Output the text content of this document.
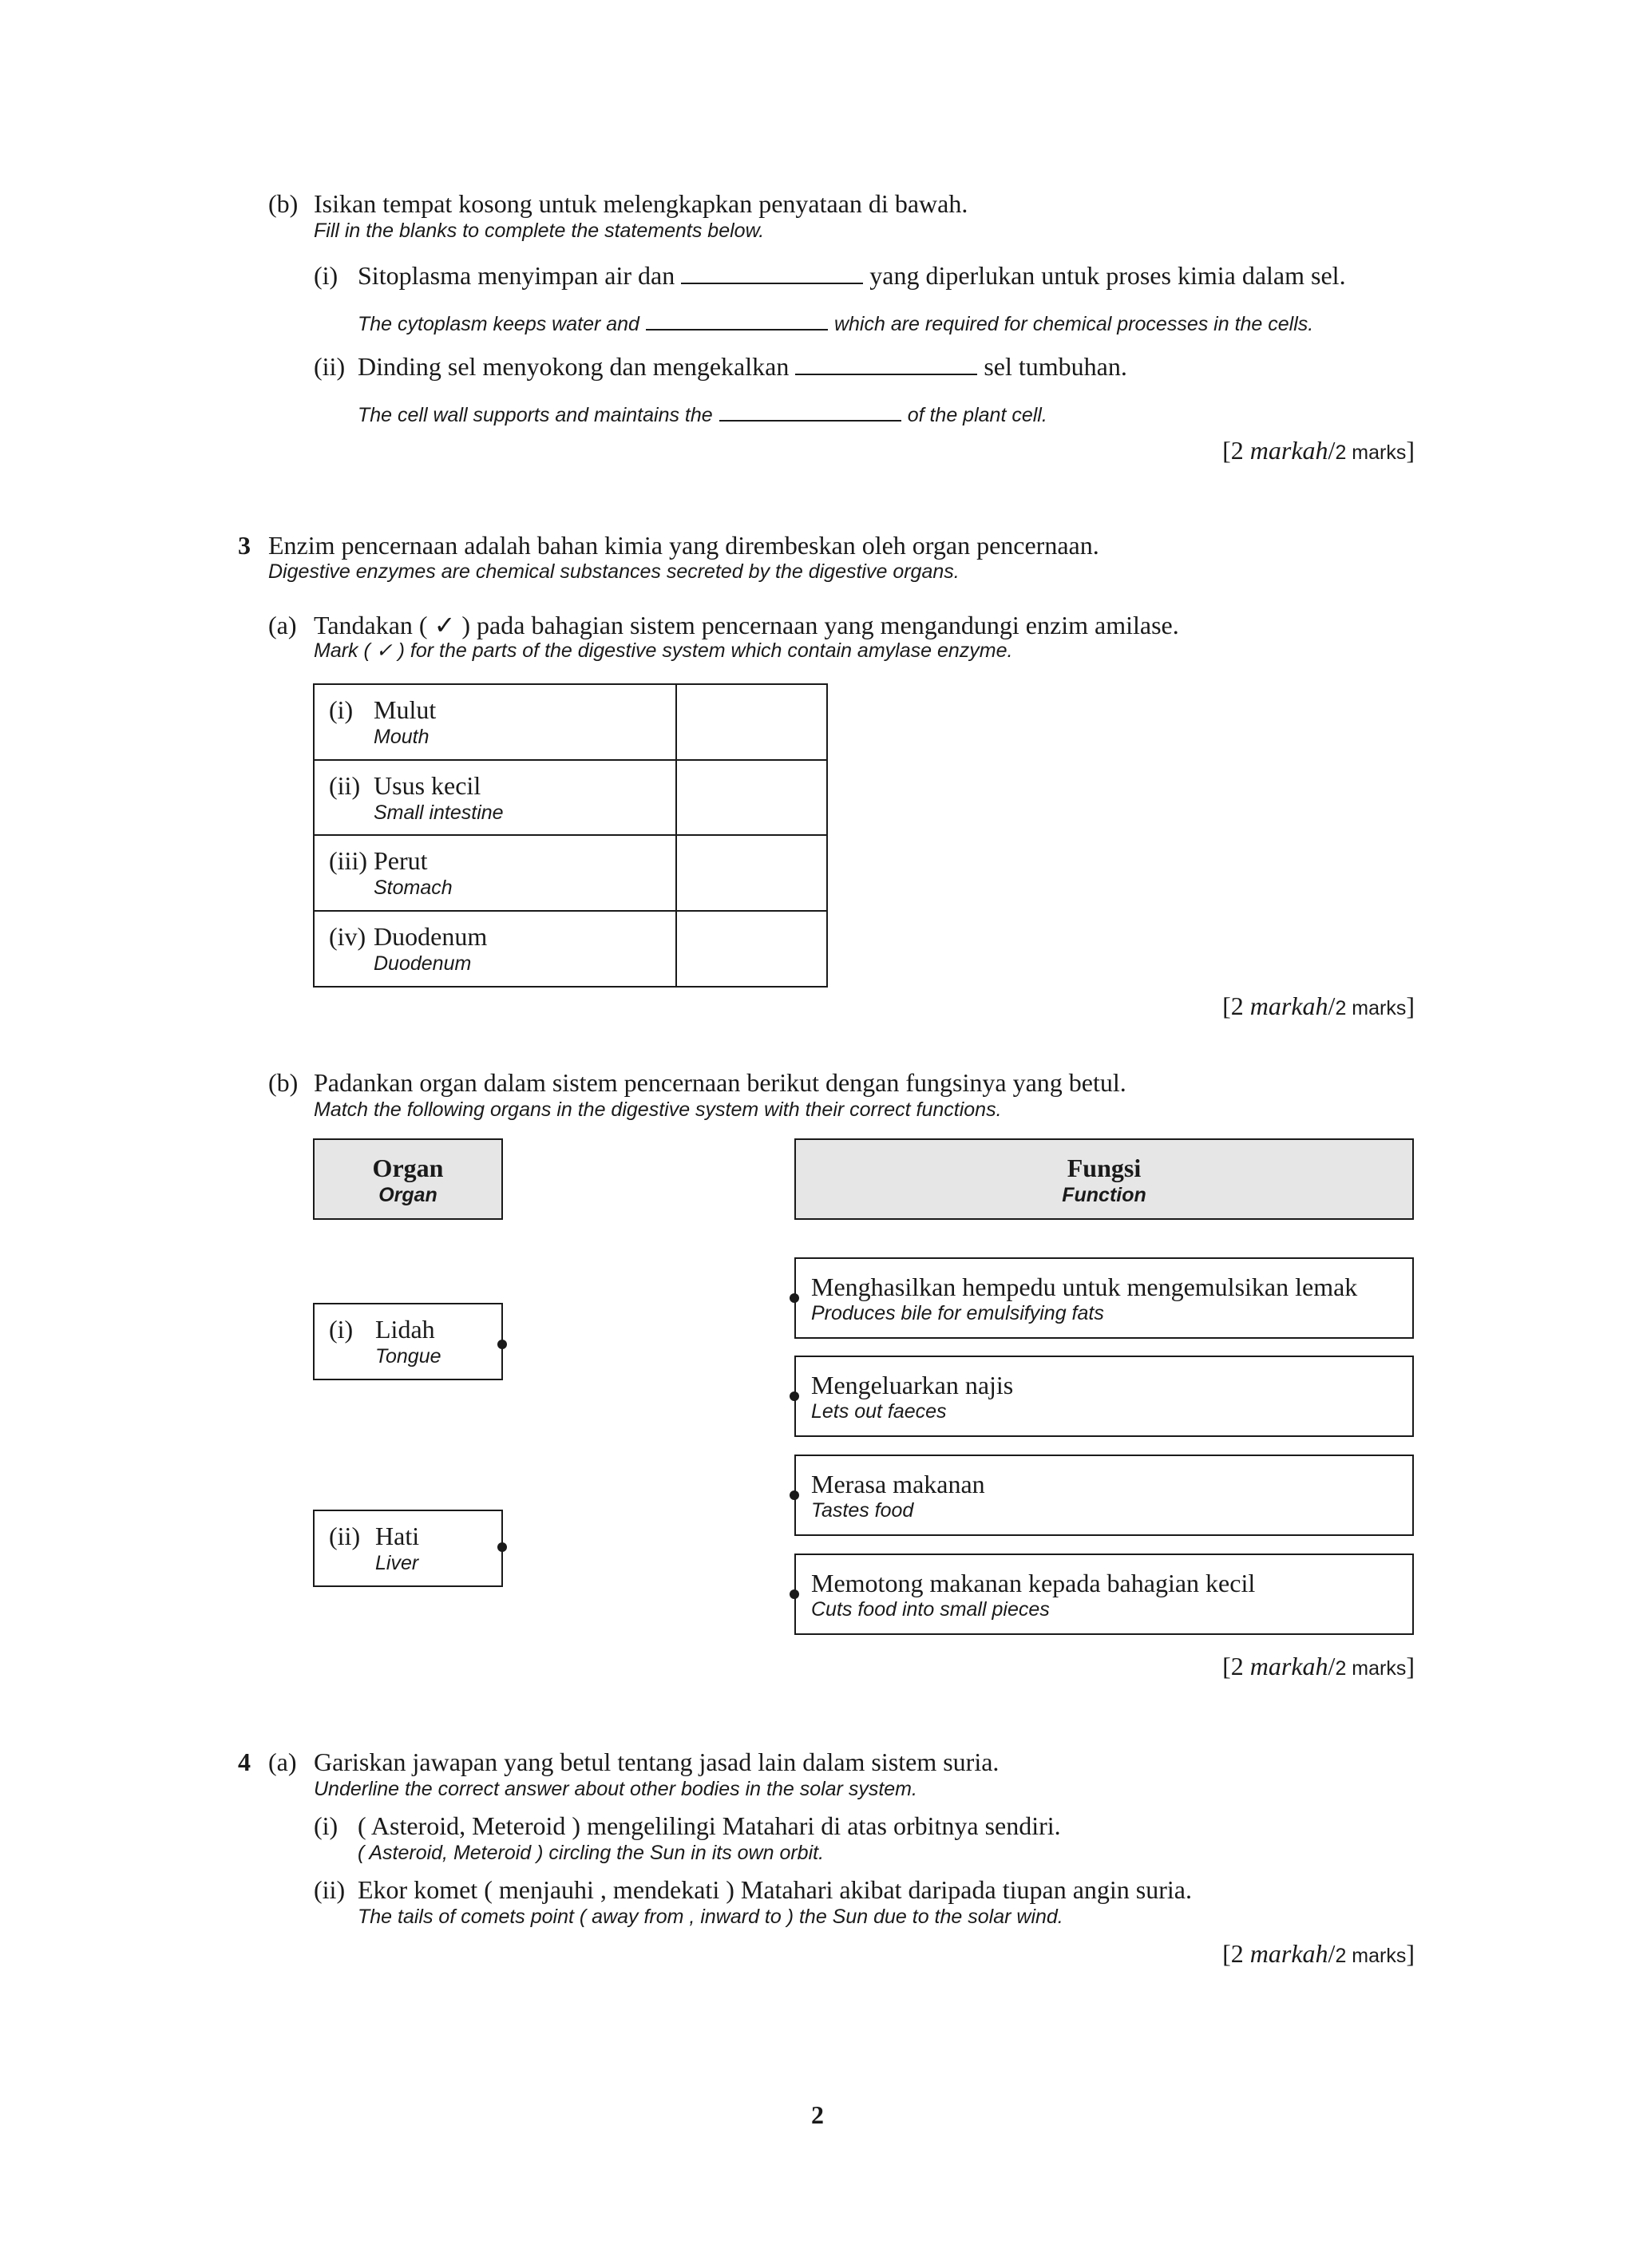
(b) Isikan tempat kosong untuk melengkapkan penyataan di bawah.
Fill in the blanks to complete the statements below.
(i) Sitoplasma menyimpan air dan	yang diperlukan untuk proses kimia dalam sel.
The cytoplasm keeps water and	which are required for chemical processes in the cells.
(ii) Dinding sel menyokong dan mengekalkan	sel tumbuhan.
The cell wall supports and maintains the	of the plant cell.
[2 markah/2 marks]
3 Enzim pencernaan adalah bahan kimia yang dirembeskan oleh organ pencernaan.
Digestive enzymes are chemical substances secreted by the digestive organs.
(a) Tandakan ( ✓ ) pada bahagian sistem pencernaan yang mengandungi enzim amilase.
Mark ( ✓ ) for the parts of the digestive system which contain amylase enzyme.
(i) Mulut
Mouth
(ii) Usus kecil
Small intestine
(iii) Perut
Stomach
(iv) Duodenum
Duodenum
[2 markah/2 marks]
(b) Padankan organ dalam sistem pencernaan berikut dengan fungsinya yang betul.
Match the following organs in the digestive system with their correct functions.
Organ
Organ
Fungsi
Function
(i) Lidah
Tongue
(ii) Hati
Liver
Menghasilkan hempedu untuk mengemulsikan lemak
Produces bile for emulsifying fats
Mengeluarkan najis
Lets out faeces
Merasa makanan
Tastes food
Memotong makanan kepada bahagian kecil
Cuts food into small pieces
[2 markah/2 marks]
4 (a) Gariskan jawapan yang betul tentang jasad lain dalam sistem suria.
Underline the correct answer about other bodies in the solar system.
(i) ( Asteroid, Meteroid ) mengelilingi Matahari di atas orbitnya sendiri.
( Asteroid, Meteroid ) circling the Sun in its own orbit.
(ii) Ekor komet ( menjauhi , mendekati ) Matahari akibat daripada tiupan angin suria.
The tails of comets point ( away from , inward to ) the Sun due to the solar wind.
[2 markah/2 marks]
2
